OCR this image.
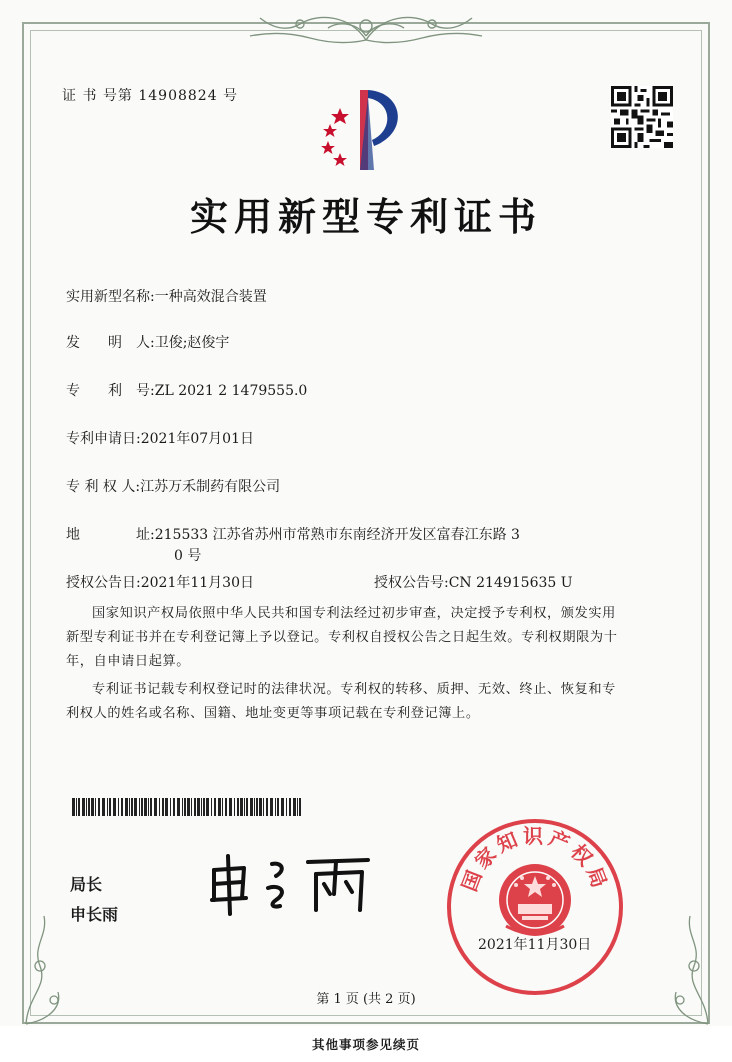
证 书 号第 14908824 号
实用新型专利证书
实用新型名称:一种高效混合装置
发　　明　人:卫俊;赵俊宇
专　　利　号:ZL 2021 2 1479555.0
专利申请日:2021年07月01日
专 利 权 人:江苏万禾制药有限公司
地　　　　址:215533 江苏省苏州市常熟市东南经济开发区富春江东路 3
0 号
授权公告日:2021年11月30日	授权公告号:CN 214915635 U
国家知识产权局依照中华人民共和国专利法经过初步审查，决定授予专利权，颁发实用
新型专利证书并在专利登记簿上予以登记。专利权自授权公告之日起生效。专利权期限为十
年，自申请日起算。
专利证书记载专利权登记时的法律状况。专利权的转移、质押、无效、终止、恢复和专
利权人的姓名或名称、国籍、地址变更等事项记载在专利登记簿上。
局长
申长雨
国家知识产权局
2021年11月30日
第 1 页 (共 2 页)
其他事项参见续页
